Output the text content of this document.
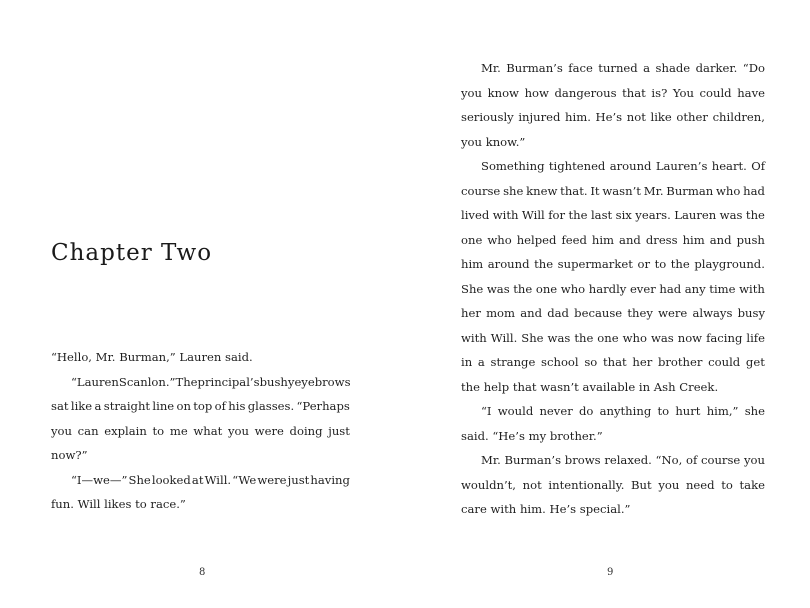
Chapter Two
“Hello,
Mr.
Burman,”
Lauren
said.
“Lauren Scanlon.” The principal’s bushy eyebrows
sat like a straight line on top of his glasses. “Perhaps
you can explain to me what you were doing just
now?”
“I—we—” She looked at Will. “We were just having
fun.
Will
likes
to
race.”
8
Mr. Burman’s face turned a shade darker. “Do
you know how dangerous that is? You could have
seriously injured him. He’s not like other children,
you
know.”
Something tightened around Lauren’s heart. Of
course she knew that. It wasn’t Mr. Burman who had
lived with Will for the last six years. Lauren was the
one who helped feed him and dress him and push
him around the supermarket or to the playground.
She was the one who hardly ever had any time with
her mom and dad because they were always busy
with Will. She was the one who was now facing life
in a strange school so that her brother could get
the
help
that
wasn’t
available
in
Ash
Creek.
“I would never do anything to hurt him,” she
said.
“He’s
my
brother.”
Mr. Burman’s brows relaxed. “No, of course you
wouldn’t, not intentionally. But you need to take
care
with
him.
He’s
special.”
9
